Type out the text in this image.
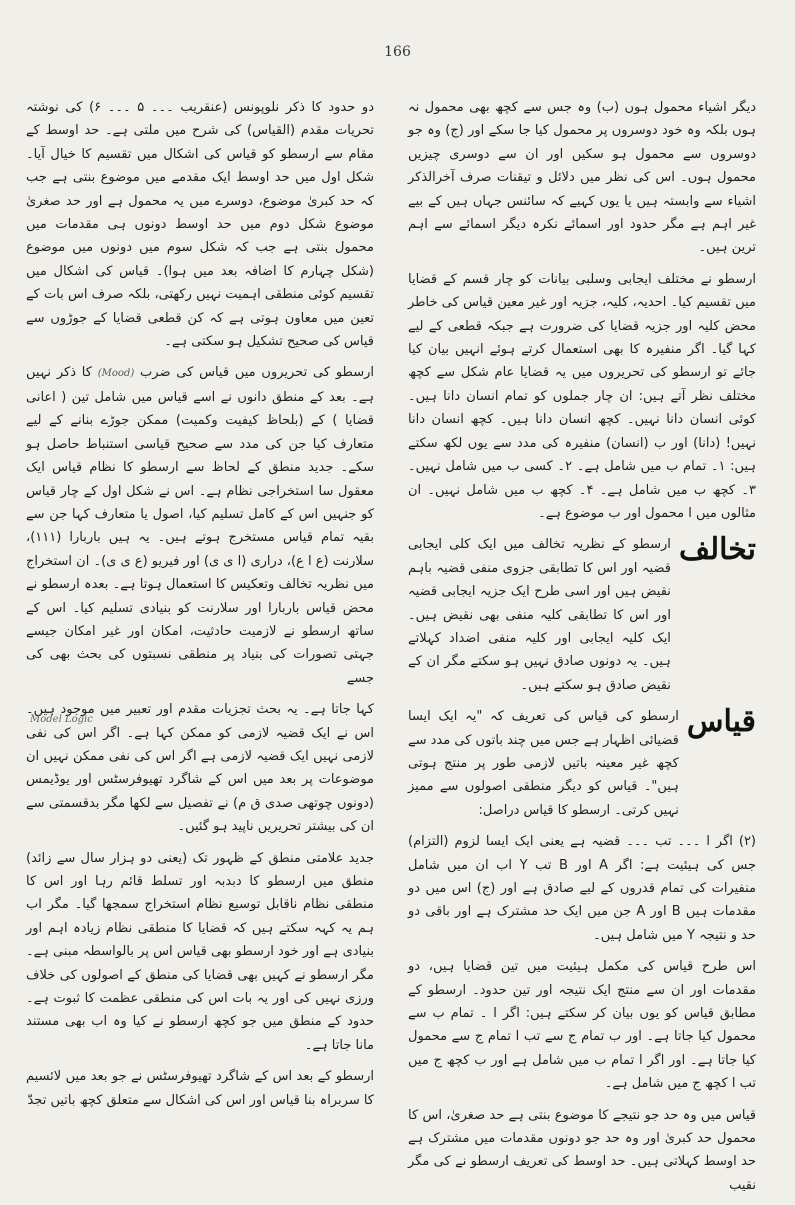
166

دیگر اشیاء محمول ہوں (ب) وہ جس سے کچھ بھی محمول نہ ہوں بلکہ وہ خود دوسروں پر محمول کیا جا سکے اور (ج) وہ جو دوسروں سے محمول ہو سکیں اور ان سے دوسری چیزیں محمول ہوں۔ اس کی نظر میں دلائل و تیقنات صرف آخرالذکر اشیاء سے وابستہ ہیں یا یوں کہیے کہ سائنس جہاں ہیں کے بیے غیر اہم ہے مگر حدود اور اسمائے نکرہ دیگر اسمائے سے اہم ترین ہیں۔

ارسطو نے مختلف ایجابی وسلبی بیانات کو چار قسم کے قضایا میں تقسیم کیا۔ احدیہ، کلیہ، جزیہ اور غیر معین قیاس کی خاطر محض کلیہ اور جزیہ قضایا کی ضرورت ہے جبکہ قطعی کے لیے کہا گیا۔ اگر منفیرہ کا بھی استعمال کرتے ہوئے انہیں بیان کیا جائے تو ارسطو کی تحریروں میں یہ قضایا عام شکل سے کچھ مختلف نظر آتے ہیں: ان چار جملوں کو تمام انسان دانا ہیں۔ کوئی انسان دانا نہیں۔ کچھ انسان دانا ہیں۔ کچھ انسان دانا نہیں! (دانا) اور ب (انسان) منفیرہ کی مدد سے یوں لکھ سکتے ہیں: ۱۔ تمام ب میں شامل ہے۔ ۲۔ کسی ب میں شامل نہیں۔ ۳۔ کچھ ب میں شامل ہے۔ ۴۔ کچھ ب میں شامل نہیں۔ ان مثالوں میں ا محمول اور ب موضوع ہے۔

تخالف

ارسطو کے نظریہ تخالف میں ایک کلی ایجابی قضیہ اور اس کا تطابقی جزوی منفی قضیہ باہم نقیض ہیں اور اسی طرح ایک جزیہ ایجابی قضیہ اور اس کا تطابقی کلیہ منفی بھی نقیض ہیں۔ ایک کلیہ ایجابی اور کلیہ منفی اضداد کہلاتے ہیں۔ یہ دونوں صادق نہیں ہو سکتے مگر ان کے نقیض صادق ہو سکتے ہیں۔

قیاس

ارسطو کی قیاس کی تعریف کہ "یہ ایک ایسا قضیائی اظہار ہے جس میں چند باتوں کی مدد سے کچھ غیر معینہ باتیں لازمی طور پر منتج ہوتی ہیں"۔ قیاس کو دیگر منطقی اصولوں سے ممیز نہیں کرتی۔ ارسطو کا قیاس دراصل:

(۲) اگر ا ۔۔۔ تب ۔۔۔ قضیہ ہے یعنی ایک ایسا لزوم (التزام) جس کی ہیئیت ہے: اگر A اور B تب Y اب ان میں شامل منفیرات کی تمام قدروں کے لیے صادق ہے اور (ج) اس میں دو مقدمات ہیں B اور A جن میں ایک حد مشترک ہے اور باقی دو حد و نتیجہ Y میں شامل ہیں۔

اس طرح قیاس کی مکمل ہیئیت میں تین قضایا ہیں، دو مقدمات اور ان سے منتج ایک نتیجہ اور تین حدود۔ ارسطو کے مطابق قیاس کو یوں بیان کر سکتے ہیں: اگر ا ۔ تمام ب سے محمول کیا جاتا ہے۔ اور ب تمام ج سے تب ا تمام ج سے محمول کیا جاتا ہے۔ اور اگر ا تمام ب میں شامل ہے اور ب کچھ ج میں تب ا کچھ ج میں شامل ہے۔

قیاس میں وہ حد جو نتیجے کا موضوع بنتی ہے حد صغریٰ، اس کا محمول حد کبریٰ اور وہ حد جو دونوں مقدمات میں مشترک ہے حد اوسط کہلاتی ہیں۔ حد اوسط کی تعریف ارسطو نے کی مگر نقیب

دو حدود کا ذکر نلوپونس (عنقریب ۔۔۔ ۵ ۔۔۔ ۶) کی نوشتہ تحریات مقدم (القیاس) کی شرح میں ملتی ہے۔ حد اوسط کے مقام سے ارسطو کو قیاس کی اشکال میں تقسیم کا خیال آیا۔ شکل اول میں حد اوسط ایک مقدمے میں موضوع بنتی ہے جب کہ حد کبریٰ موضوع، دوسرے میں یہ محمول ہے اور حد صغریٰ موضوع شکل دوم میں حد اوسط دونوں ہی مقدمات میں محمول بنتی ہے جب کہ شکل سوم میں دونوں میں موضوع (شکل چہارم کا اضافہ بعد میں ہوا)۔ قیاس کی اشکال میں تقسیم کوئی منطقی اہمیت نہیں رکھتی، بلکہ صرف اس بات کے تعین میں معاون ہوتی ہے کہ کن قطعی قضایا کے جوڑوں سے قیاس کی صحیح تشکیل ہو سکتی ہے۔

ارسطو کی تحریروں میں قیاس کی ضرب (Mood) کا ذکر نہیں ہے۔ بعد کے منطق دانوں نے اسے قیاس میں شامل تین ( اعانی قضایا ) کے (بلحاظ کیفیت وکمیت) ممکن جوڑے بنانے کے لیے متعارف کیا جن کی مدد سے صحیح قیاسی استنباط حاصل ہو سکے۔ جدید منطق کے لحاظ سے ارسطو کا نظام قیاس ایک معقول سا استخراجی نظام ہے۔ اس نے شکل اول کے چار قیاس کو جنہیں اس کے کامل تسلیم کیا، اصول یا متعارف کہا جن سے بقیہ تمام قیاس مستخرج ہوتے ہیں۔ یہ ہیں باربارا (۱۱۱)، سلارنت (ع ا ع)، دراری (ا ی ی) اور فیریو (ع ی ی)۔ ان استخراج میں نظریہ تخالف وتعکیس کا استعمال ہوتا ہے۔ بعدہ ارسطو نے محض قیاس باربارا اور سلارنت کو بنیادی تسلیم کیا۔ اس کے ساتھ ارسطو نے لازمیت حادثیت، امکان اور غیر امکان جیسے جہتی تصورات کی بنیاد پر منطقی نسبتوں کی بحث بھی کی جسے

کہا جاتا ہے۔ یہ بحث تجزیات مقدم اور تعبیر میں موجود ہیں۔ اس نے ایک قضیہ لازمی کو ممکن کہا ہے۔ اگر اس کی نفی لازمی نہیں ایک قضیہ لازمی ہے اگر اس کی نفی ممکن نہیں ان موضوعات پر بعد میں اس کے شاگرد تھیوفرسٹس اور یوڈیمس (دونوں چوتھی صدی ق م) نے تفصیل سے لکھا مگر بدقسمتی سے ان کی بیشتر تحریریں ناپید ہو گئیں۔

جدید علامتی منطق کے ظہور تک (یعنی دو ہزار سال سے زائد) منطق میں ارسطو کا دبدبہ اور تسلط قائم رہا اور اس کا منطقی نظام ناقابل توسیع نظام استخراج سمجھا گیا۔ مگر اب ہم یہ کہہ سکتے ہیں کہ قضایا کا منطقی نظام زیادہ اہم اور بنیادی ہے اور خود ارسطو بھی قیاس اس پر بالواسطہ مبنی ہے۔ مگر ارسطو نے کہیں بھی قضایا کی منطق کے اصولوں کی خلاف ورزی نہیں کی اور یہ بات اس کی منطقی عظمت کا ثبوت ہے۔ حدود کے منطق میں جو کچھ ارسطو نے کیا وہ اب بھی مستند مانا جاتا ہے۔

ارسطو کے بعد اس کے شاگرد تھیوفرسٹس نے جو بعد میں لائسیم کا سربراہ بنا قیاس اور اس کی اشکال سے متعلق کچھ باتیں تجدّ

Model Logic
